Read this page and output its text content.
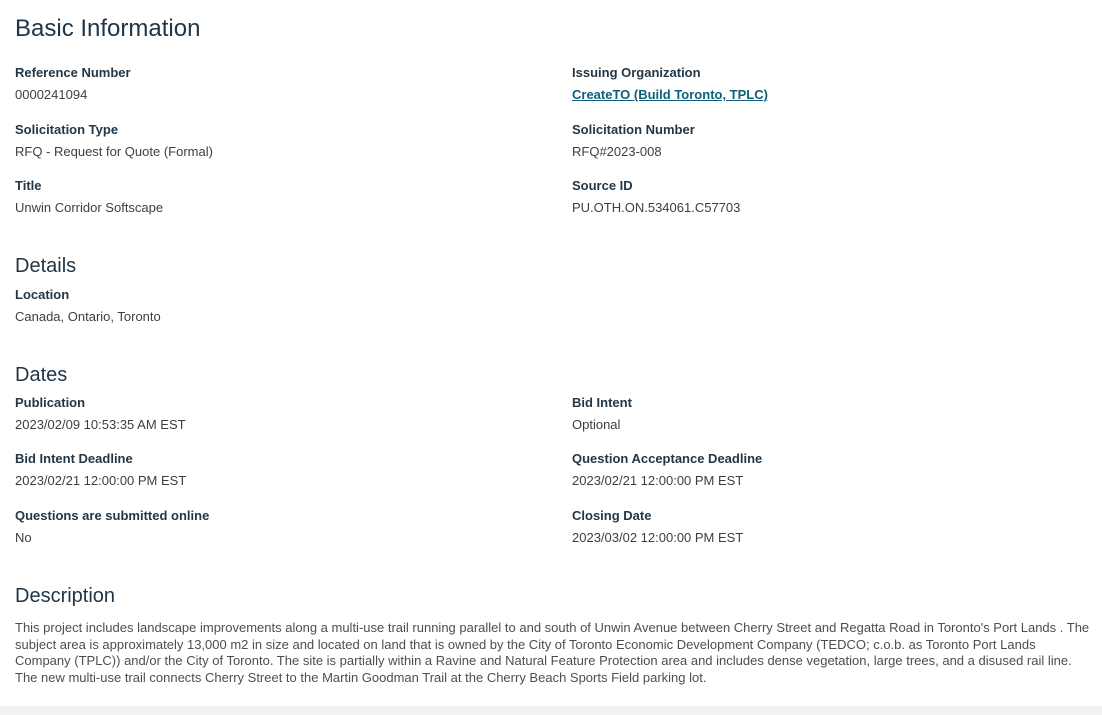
Basic Information
Reference Number
0000241094
Issuing Organization
CreateTO (Build Toronto, TPLC)
Solicitation Type
RFQ - Request for Quote (Formal)
Solicitation Number
RFQ#2023-008
Title
Unwin Corridor Softscape
Source ID
PU.OTH.ON.534061.C57703
Details
Location
Canada, Ontario, Toronto
Dates
Publication
2023/02/09 10:53:35 AM EST
Bid Intent
Optional
Bid Intent Deadline
2023/02/21 12:00:00 PM EST
Question Acceptance Deadline
2023/02/21 12:00:00 PM EST
Questions are submitted online
No
Closing Date
2023/03/02 12:00:00 PM EST
Description
This project includes landscape improvements along a multi-use trail running parallel to and south of Unwin Avenue between Cherry Street and Regatta Road in Toronto's Port Lands . The subject area is approximately 13,000 m2 in size and located on land that is owned by the City of Toronto Economic Development Company (TEDCO; c.o.b. as Toronto Port Lands Company (TPLC)) and/or the City of Toronto. The site is partially within a Ravine and Natural Feature Protection area and includes dense vegetation, large trees, and a disused rail line. The new multi-use trail connects Cherry Street to the Martin Goodman Trail at the Cherry Beach Sports Field parking lot.
